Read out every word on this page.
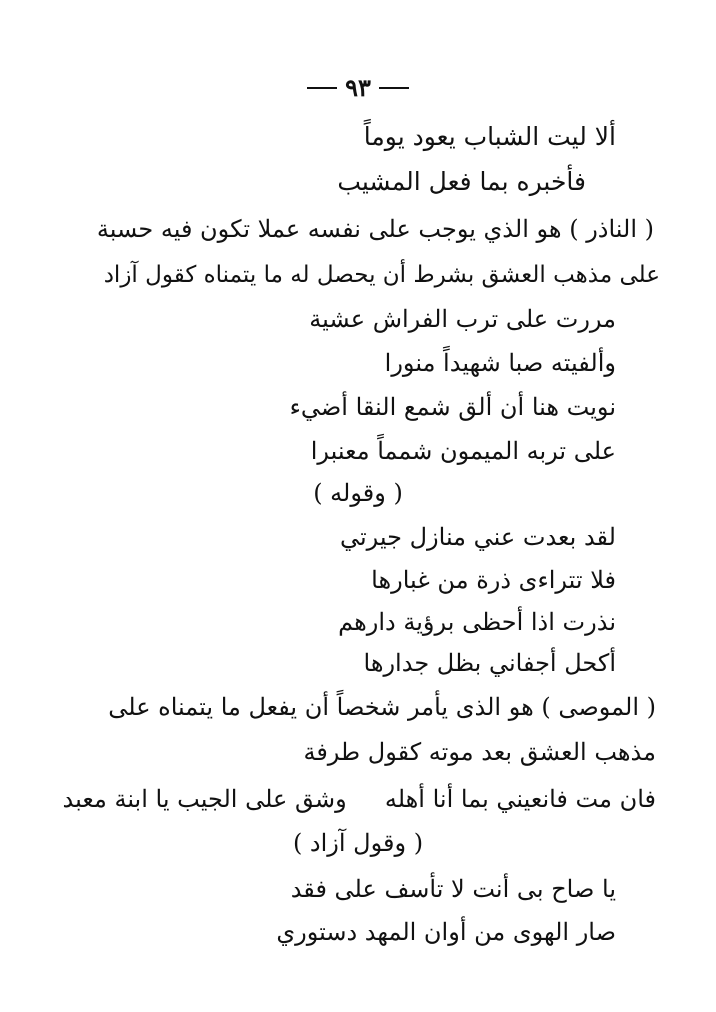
٩٣
ألا ليت الشباب يعود يوماً
فأخبره بما فعل المشيب
( الناذر ) هو الذي يوجب على نفسه عملا تكون فيه حسبة
على مذهب العشق بشرط أن يحصل له ما يتمناه كقول آزاد
مررت على ترب الفراش عشية
وألفيته صبا شهيداً منورا
نويت هنا أن ألق شمع النقا أضيء
على تربه الميمون شمماً معنبرا
( وقوله )
لقد بعدت عني منازل جيرتي
فلا تتراءى ذرة من غبارها
نذرت اذا أحظى برؤية دارهم
أكحل أجفاني بظل جدارها
( الموصى ) هو الذى يأمر شخصاً أن يفعل ما يتمناه على
مذهب العشق بعد موته كقول طرفة
فان مت فانعيني بما أنا أهله     وشق على الجيب يا ابنة معبد
( وقول آزاد )
يا صاح بى أنت لا تأسف على فقد
صار الهوى من أوان المهد دستوري
